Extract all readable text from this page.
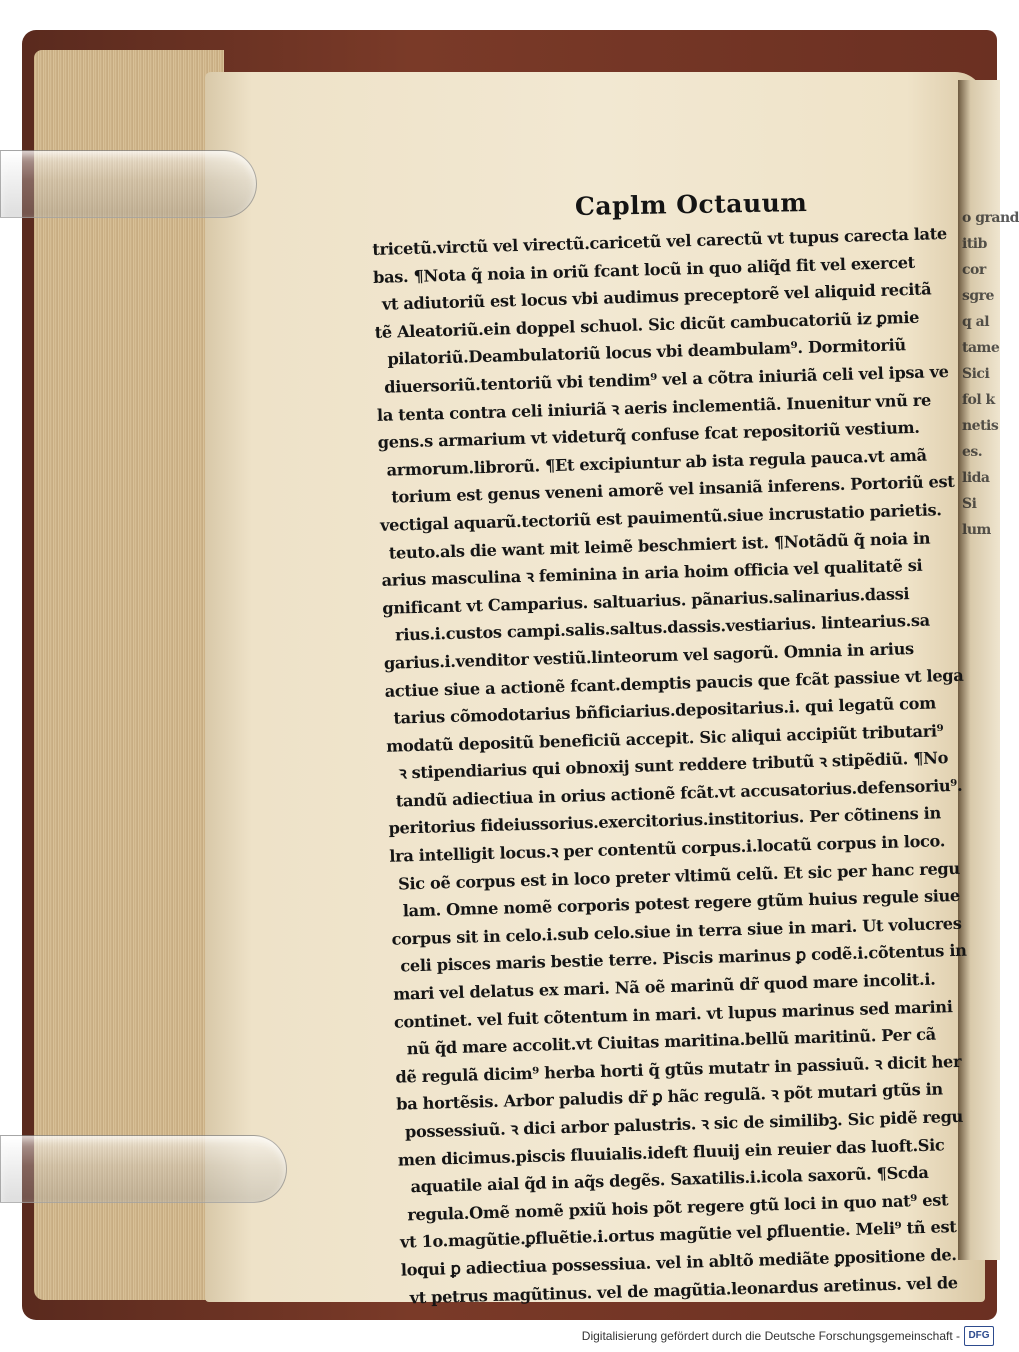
o grand
itib
cor
sgre
q al
tame
Sici
fol k
netis
es.
lida
Si
lum

Caplm Octauum
tricetũ.virctũ vel virectũ.caricetũ vel carectũ vt tupus carecta late
bas. ¶Nota q̃ noia in oriũ fcant locũ in quo aliq̃d fit vel exercet
vt adiutoriũ est locus vbi audimus preceptorẽ vel aliquid recitã
tẽ Aleatoriũ.ein doppel schuol. Sic dicũt cambucatoriũ iz ꝑmie
pilatoriũ.Deambulatoriũ locus vbi deambulam⁹. Dormitoriũ
diuersoriũ.tentoriũ vbi tendim⁹ vel a cõtra iniuriã celi vel ipsa ve
la tenta contra celi iniuriã ꝛ aeris inclementiã. Inuenitur vnũ re
gens.s armarium vt videturq̃ confuse fcat repositoriũ vestium.
armorum.librorũ. ¶Et excipiuntur ab ista regula pauca.vt amã
torium est genus veneni amorẽ vel insaniã inferens. Portoriũ est
vectigal aquarũ.tectoriũ est pauimentũ.siue incrustatio parietis.
teuto.als die want mit leimẽ beschmiert ist. ¶Notãdũ q̃ noia in
arius masculina ꝛ feminina in aria hoim officia vel qualitatẽ si
gnificant vt Camparius. saltuarius. pãnarius.salinarius.dassi
rius.i.custos campi.salis.saltus.dassis.vestiarius. lintearius.sa
garius.i.venditor vestiũ.linteorum vel sagorũ. Omnia in arius
actiue siue a actionẽ fcant.demptis paucis que fcãt passiue vt lega
tarius cõmodotarius bñficiarius.depositarius.i. qui legatũ com
modatũ depositũ beneficiũ accepit. Sic aliqui accipiũt tributari⁹
ꝛ stipendiarius qui obnoxij sunt reddere tributũ ꝛ stipẽdiũ. ¶No
tandũ adiectiua in orius actionẽ fcãt.vt accusatorius.defensoriu⁹.
peritorius fideiussorius.exercitorius.institorius. Per cõtinens in
lra intelligit locus.ꝛ per contentũ corpus.i.locatũ corpus in loco.
Sic oẽ corpus est in loco preter vltimũ celũ. Et sic per hanc regu
lam. Omne nomẽ corporis potest regere gtũm huius regule siue
corpus sit in celo.i.sub celo.siue in terra siue in mari. Ut volucres
celi pisces maris bestie terre. Piscis marinus ꝑ codẽ.i.cõtentus in
mari vel delatus ex mari. Nã oẽ marinũ dr̃ quod mare incolit.i.
continet. vel fuit cõtentum in mari. vt lupus marinus sed marini
nũ q̃d mare accolit.vt Ciuitas maritina.bellũ maritinũ. Per cã
dẽ regulã dicim⁹ herba horti q̃ gtũs mutatr in passiuũ. ꝛ dicit her
ba hortẽsis. Arbor paludis dr̃ ꝑ hãc regulã. ꝛ põt mutari gtũs in
possessiuũ. ꝛ dici arbor palustris. ꝛ sic de similibꝫ. Sic pidẽ regu
men dicimus.piscis fluuialis.ideft fluuij ein reuier das luoft.Sic
aquatile aial q̃d in aq̃s degẽs. Saxatilis.i.icola saxorũ. ¶Scda
regula.Omẽ nomẽ pxiũ hois põt regere gtũ loci in quo nat⁹ est
vt 1o.magũtie.ꝑfluẽtie.i.ortus magũtie vel ꝑfluentie. Meli⁹ tñ est
loqui ꝑ adiectiua possessiua. vel in abltõ mediãte ꝑpositione de.
vt petrus magũtinus. vel de magũtia.leonardus aretinus. vel de
Digitalisierung gefördert durch die Deutsche Forschungsgemeinschaft - DFG
